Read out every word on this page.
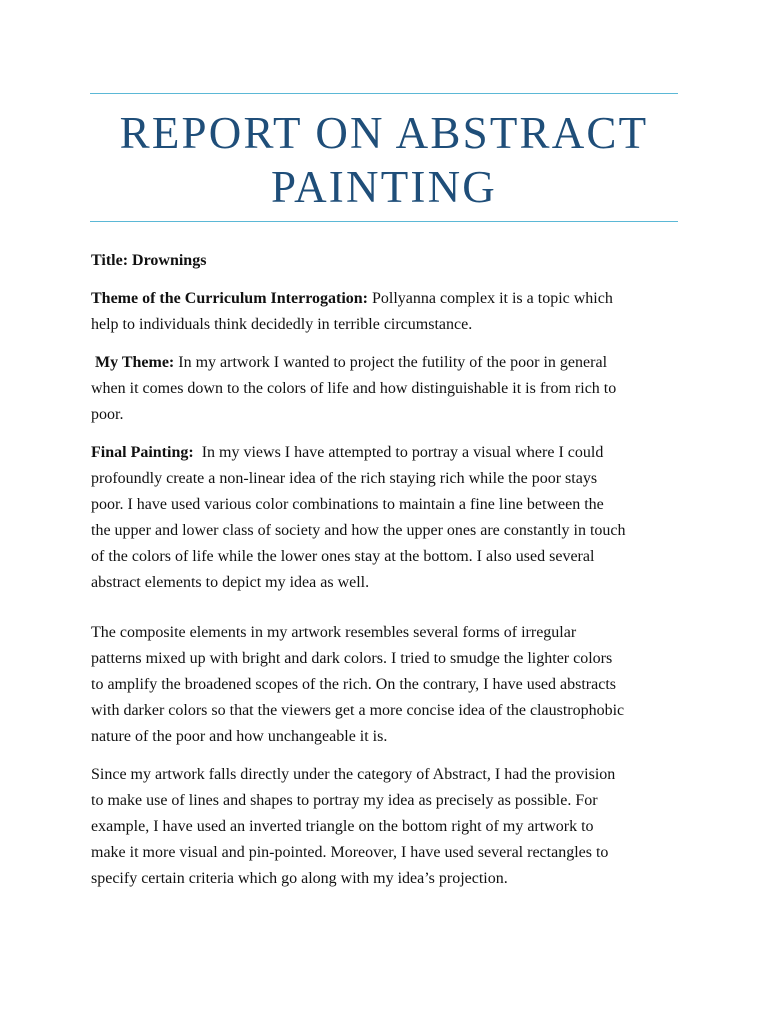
REPORT ON ABSTRACT
PAINTING

Title: Drownings

Theme of the Curriculum Interrogation: Pollyanna complex it is a topic which
help to individuals think decidedly in terrible circumstance.

My Theme: In my artwork I wanted to project the futility of the poor in general
when it comes down to the colors of life and how distinguishable it is from rich to
poor.

Final Painting:  In my views I have attempted to portray a visual where I could
profoundly create a non-linear idea of the rich staying rich while the poor stays
poor. I have used various color combinations to maintain a fine line between the
the upper and lower class of society and how the upper ones are constantly in touch
of the colors of life while the lower ones stay at the bottom. I also used several
abstract elements to depict my idea as well.

The composite elements in my artwork resembles several forms of irregular
patterns mixed up with bright and dark colors. I tried to smudge the lighter colors
to amplify the broadened scopes of the rich. On the contrary, I have used abstracts
with darker colors so that the viewers get a more concise idea of the claustrophobic
nature of the poor and how unchangeable it is.

Since my artwork falls directly under the category of Abstract, I had the provision
to make use of lines and shapes to portray my idea as precisely as possible. For
example, I have used an inverted triangle on the bottom right of my artwork to
make it more visual and pin-pointed. Moreover, I have used several rectangles to
specify certain criteria which go along with my idea’s projection.
